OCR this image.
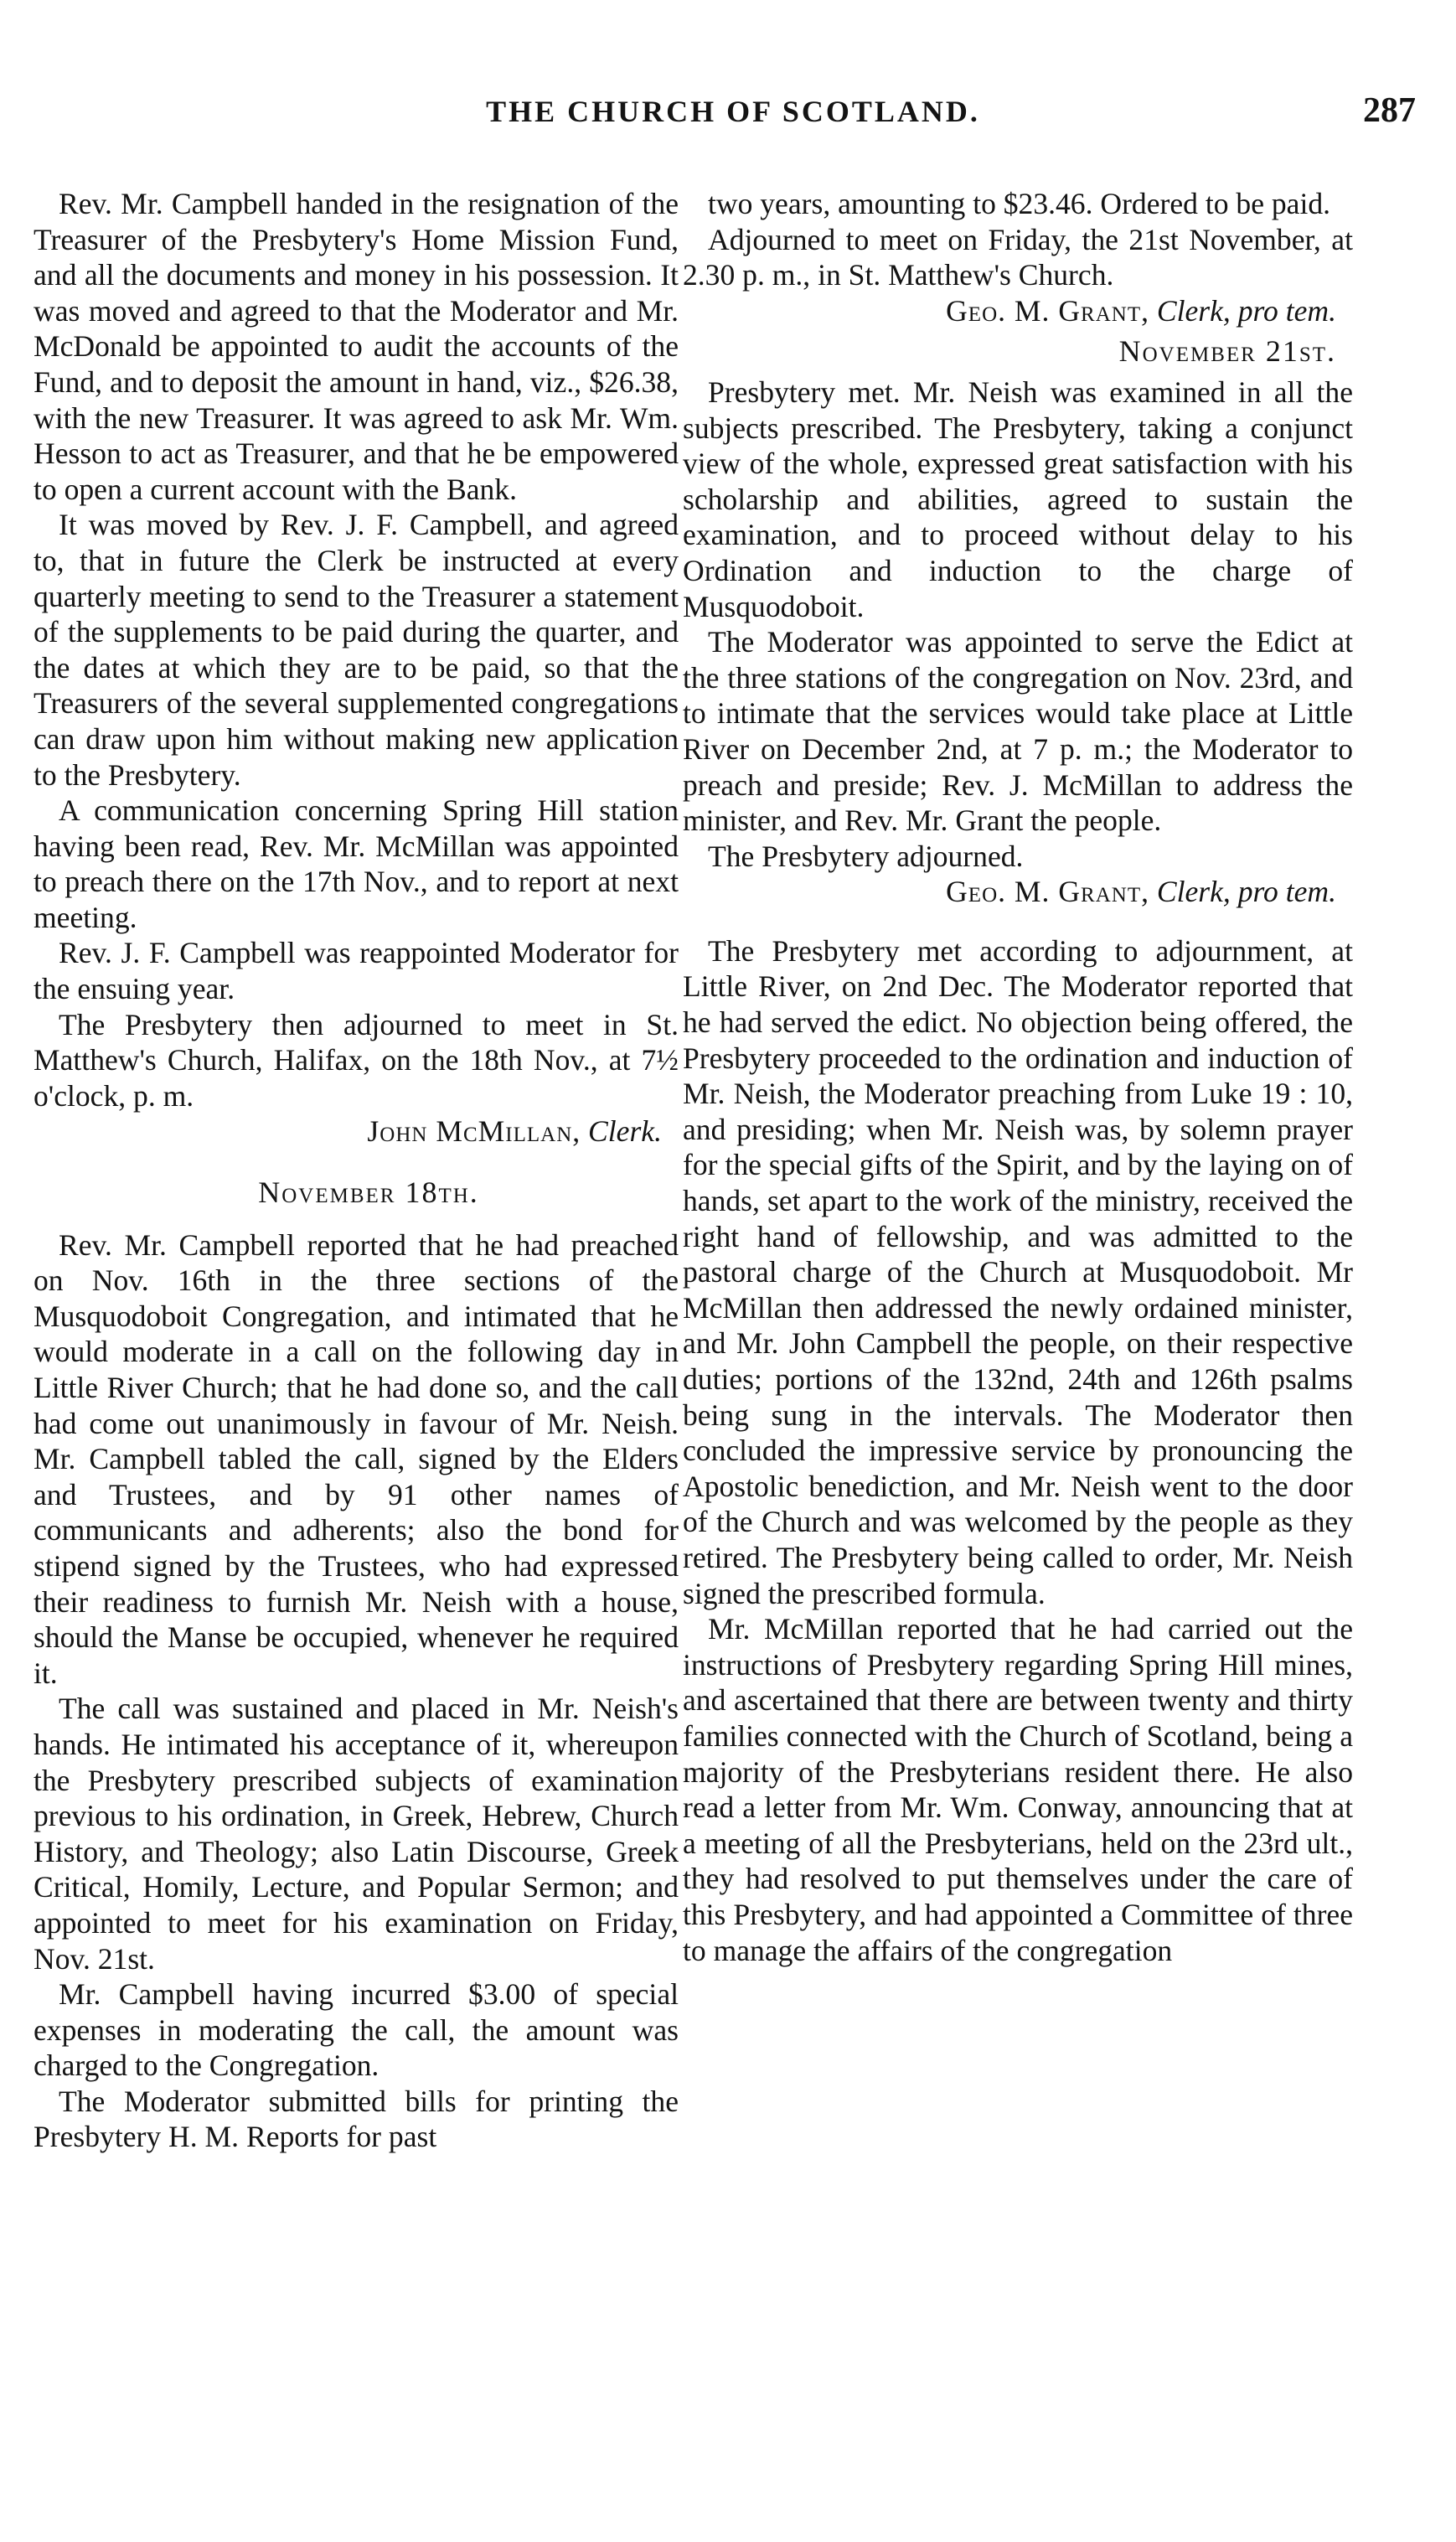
THE CHURCH OF SCOTLAND.	287

Rev. Mr. Campbell handed in the resignation of the Treasurer of the Presbytery's Home Mission Fund, and all the documents and money in his possession. It was moved and agreed to that the Moderator and Mr. McDonald be appointed to audit the accounts of the Fund, and to deposit the amount in hand, viz., $26.38, with the new Treasurer. It was agreed to ask Mr. Wm. Hesson to act as Treasurer, and that he be empowered to open a current account with the Bank.

It was moved by Rev. J. F. Campbell, and agreed to, that in future the Clerk be instructed at every quarterly meeting to send to the Treasurer a statement of the supplements to be paid during the quarter, and the dates at which they are to be paid, so that the Treasurers of the several supplemented congregations can draw upon him without making new application to the Presbytery.

A communication concerning Spring Hill station having been read, Rev. Mr. McMillan was appointed to preach there on the 17th Nov., and to report at next meeting.

Rev. J. F. Campbell was reappointed Moderator for the ensuing year.

The Presbytery then adjourned to meet in St. Matthew's Church, Halifax, on the 18th Nov., at 7½ o'clock, p. m.

John McMillan, Clerk.

November 18th.

Rev. Mr. Campbell reported that he had preached on Nov. 16th in the three sections of the Musquodoboit Congregation, and intimated that he would moderate in a call on the following day in Little River Church; that he had done so, and the call had come out unanimously in favour of Mr. Neish. Mr. Campbell tabled the call, signed by the Elders and Trustees, and by 91 other names of communicants and adherents; also the bond for stipend signed by the Trustees, who had expressed their readiness to furnish Mr. Neish with a house, should the Manse be occupied, whenever he required it.

The call was sustained and placed in Mr. Neish's hands. He intimated his acceptance of it, whereupon the Presbytery prescribed subjects of examination previous to his ordination, in Greek, Hebrew, Church History, and Theology; also Latin Discourse, Greek Critical, Homily, Lecture, and Popular Sermon; and appointed to meet for his examination on Friday, Nov. 21st.

Mr. Campbell having incurred $3.00 of special expenses in moderating the call, the amount was charged to the Congregation.

The Moderator submitted bills for printing the Presbytery H. M. Reports for past

two years, amounting to $23.46. Ordered to be paid.

Adjourned to meet on Friday, the 21st November, at 2.30 p. m., in St. Matthew's Church.

Geo. M. Grant, Clerk, pro tem.

November 21st.

Presbytery met. Mr. Neish was examined in all the subjects prescribed. The Presbytery, taking a conjunct view of the whole, expressed great satisfaction with his scholarship and abilities, agreed to sustain the examination, and to proceed without delay to his Ordination and induction to the charge of Musquodoboit.

The Moderator was appointed to serve the Edict at the three stations of the congregation on Nov. 23rd, and to intimate that the services would take place at Little River on December 2nd, at 7 p. m.; the Moderator to preach and preside; Rev. J. McMillan to address the minister, and Rev. Mr. Grant the people.

The Presbytery adjourned.

Geo. M. Grant, Clerk, pro tem.

The Presbytery met according to adjournment, at Little River, on 2nd Dec. The Moderator reported that he had served the edict. No objection being offered, the Presbytery proceeded to the ordination and induction of Mr. Neish, the Moderator preaching from Luke 19 : 10, and presiding; when Mr. Neish was, by solemn prayer for the special gifts of the Spirit, and by the laying on of hands, set apart to the work of the ministry, received the right hand of fellowship, and was admitted to the pastoral charge of the Church at Musquodoboit. Mr McMillan then addressed the newly ordained minister, and Mr. John Campbell the people, on their respective duties; portions of the 132nd, 24th and 126th psalms being sung in the intervals. The Moderator then concluded the impressive service by pronouncing the Apostolic benediction, and Mr. Neish went to the door of the Church and was welcomed by the people as they retired. The Presbytery being called to order, Mr. Neish signed the prescribed formula.

Mr. McMillan reported that he had carried out the instructions of Presbytery regarding Spring Hill mines, and ascertained that there are between twenty and thirty families connected with the Church of Scotland, being a majority of the Presbyterians resident there. He also read a letter from Mr. Wm. Conway, announcing that at a meeting of all the Presbyterians, held on the 23rd ult., they had resolved to put themselves under the care of this Presbytery, and had appointed a Committee of three to manage the affairs of the congregation
